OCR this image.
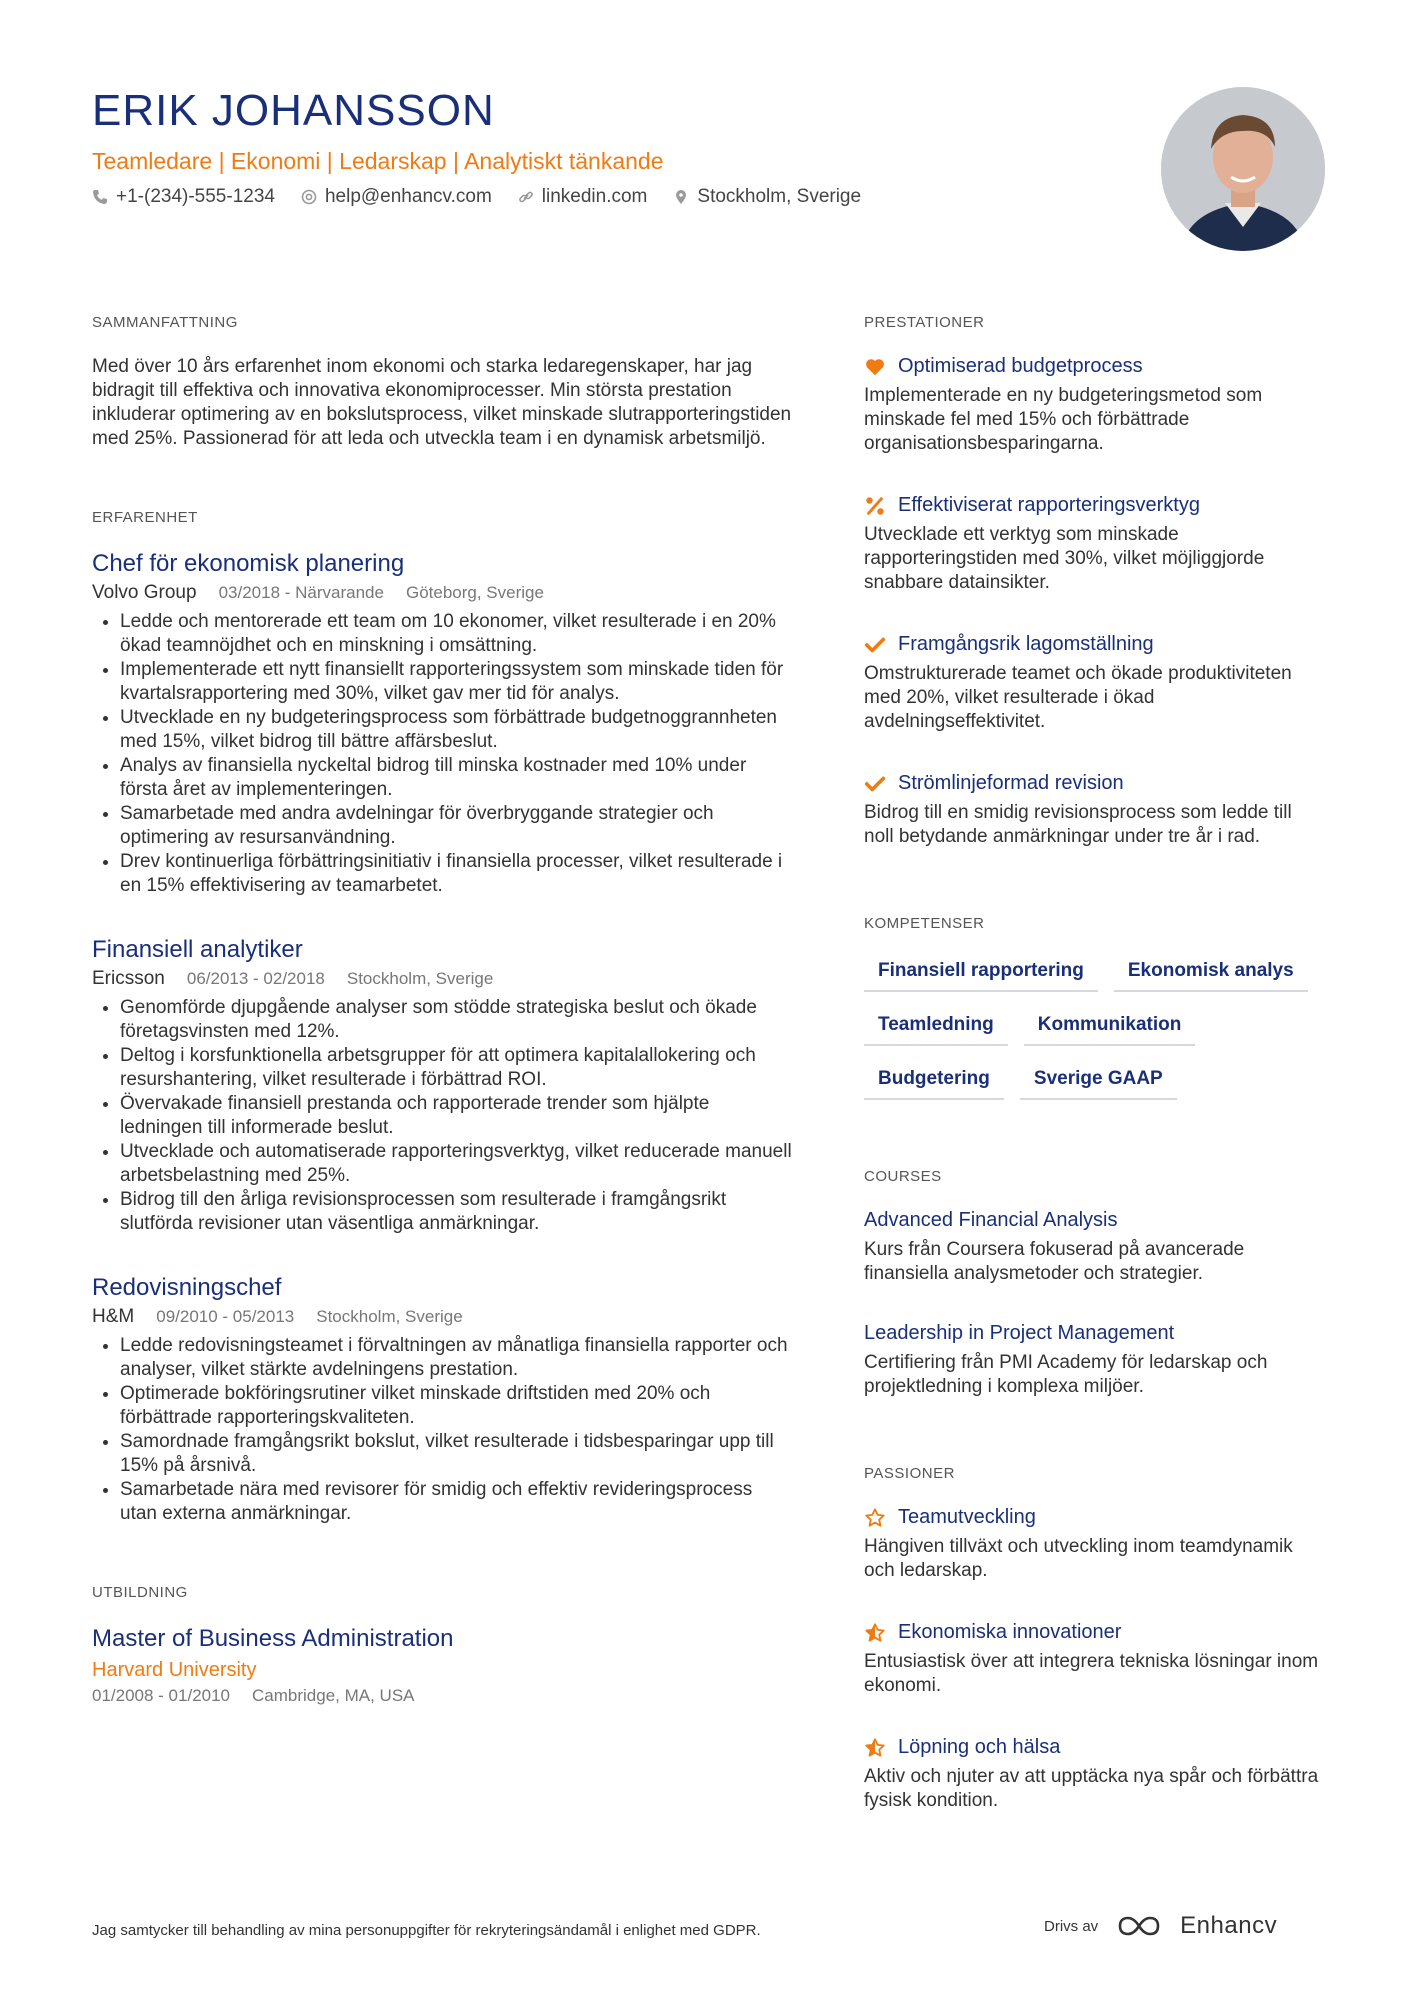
ERIK JOHANSSON
Teamledare | Ekonomi | Ledarskap | Analytiskt tänkande
+1-(234)-555-1234	help@enhancv.com	linkedin.com	Stockholm, Sverige
SAMMANFATTNING

Med över 10 års erfarenhet inom ekonomi och starka ledaregenskaper, har jag bidragit till effektiva och innovativa ekonomiprocesser. Min största prestation inkluderar optimering av en bokslutsprocess, vilket minskade slutrapporteringstiden med 25%. Passionerad för att leda och utveckla team i en dynamisk arbetsmiljö.

ERFARENHET
Chef för ekonomisk planering
Volvo Group 03/2018 - Närvarande Göteborg, Sverige
• Ledde och mentorerade ett team om 10 ekonomer, vilket resulterade i en 20% ökad teamnöjdhet och en minskning i omsättning.
• Implementerade ett nytt finansiellt rapporteringssystem som minskade tiden för kvartalsrapportering med 30%, vilket gav mer tid för analys.
• Utvecklade en ny budgeteringsprocess som förbättrade budgetnoggrannheten med 15%, vilket bidrog till bättre affärsbeslut.
• Analys av finansiella nyckeltal bidrog till minska kostnader med 10% under första året av implementeringen.
• Samarbetade med andra avdelningar för överbryggande strategier och optimering av resursanvändning.
• Drev kontinuerliga förbättringsinitiativ i finansiella processer, vilket resulterade i en 15% effektivisering av teamarbetet.
Finansiell analytiker
Ericsson 06/2013 - 02/2018 Stockholm, Sverige
• Genomförde djupgående analyser som stödde strategiska beslut och ökade företagsvinsten med 12%.
• Deltog i korsfunktionella arbetsgrupper för att optimera kapitalallokering och resurshantering, vilket resulterade i förbättrad ROI.
• Övervakade finansiell prestanda och rapporterade trender som hjälpte ledningen till informerade beslut.
• Utvecklade och automatiserade rapporteringsverktyg, vilket reducerade manuell arbetsbelastning med 25%.
• Bidrog till den årliga revisionsprocessen som resulterade i framgångsrikt slutförda revisioner utan väsentliga anmärkningar.
Redovisningschef
H&M 09/2010 - 05/2013 Stockholm, Sverige
• Ledde redovisningsteamet i förvaltningen av månatliga finansiella rapporter och analyser, vilket stärkte avdelningens prestation.
• Optimerade bokföringsrutiner vilket minskade driftstiden med 20% och förbättrade rapporteringskvaliteten.
• Samordnade framgångsrikt bokslut, vilket resulterade i tidsbesparingar upp till 15% på årsnivå.
• Samarbetade nära med revisorer för smidig och effektiv revideringsprocess utan externa anmärkningar.
UTBILDNING
Master of Business Administration
Harvard University
01/2008 - 01/2010 Cambridge, MA, USA
PRESTATIONER
Optimiserad budgetprocess
Implementerade en ny budgeteringsmetod som minskade fel med 15% och förbättrade organisationsbesparingarna.
Effektiviserat rapporteringsverktyg
Utvecklade ett verktyg som minskade rapporteringstiden med 30%, vilket möjliggjorde snabbare datainsikter.
Framgångsrik lagomställning
Omstrukturerade teamet och ökade produktiviteten med 20%, vilket resulterade i ökad avdelningseffektivitet.
Strömlinjeformad revision
Bidrog till en smidig revisionsprocess som ledde till noll betydande anmärkningar under tre år i rad.
KOMPETENSER
Finansiell rapportering	Ekonomisk analys
Teamledning	Kommunikation
Budgetering	Sverige GAAP
COURSES
Advanced Financial Analysis
Kurs från Coursera fokuserad på avancerade finansiella analysmetoder och strategier.
Leadership in Project Management
Certifiering från PMI Academy för ledarskap och projektledning i komplexa miljöer.
PASSIONER
Teamutveckling
Hängiven tillväxt och utveckling inom teamdynamik och ledarskap.
Ekonomiska innovationer
Entusiastisk över att integrera tekniska lösningar inom ekonomi.
Löpning och hälsa
Aktiv och njuter av att upptäcka nya spår och förbättra fysisk kondition.
Jag samtycker till behandling av mina personuppgifter för rekryteringsändamål i enlighet med GDPR.	Drivs av	Enhancv
